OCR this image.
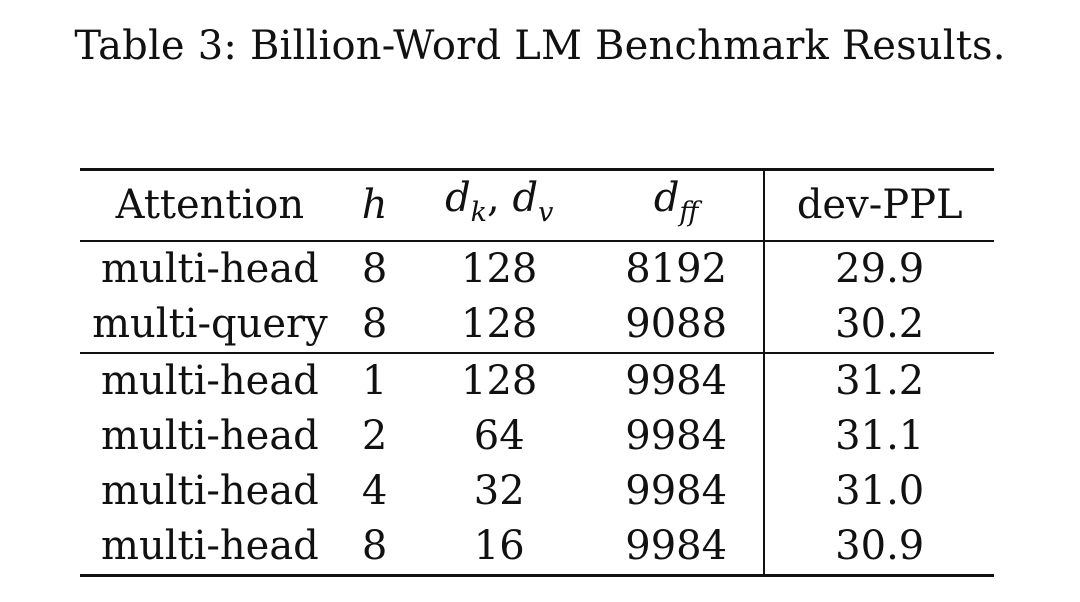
Table 3: Billion-Word LM Benchmark Results.
Attention	h	$d_k$, $d_v$	$d_{ff}$	dev-PPL
multi-head	8	128	8192	29.9
multi-query	8	128	9088	30.2
multi-head	1	128	9984	31.2
multi-head	2	64	9984	31.1
multi-head	4	32	9984	31.0
multi-head	8	16	9984	30.9
